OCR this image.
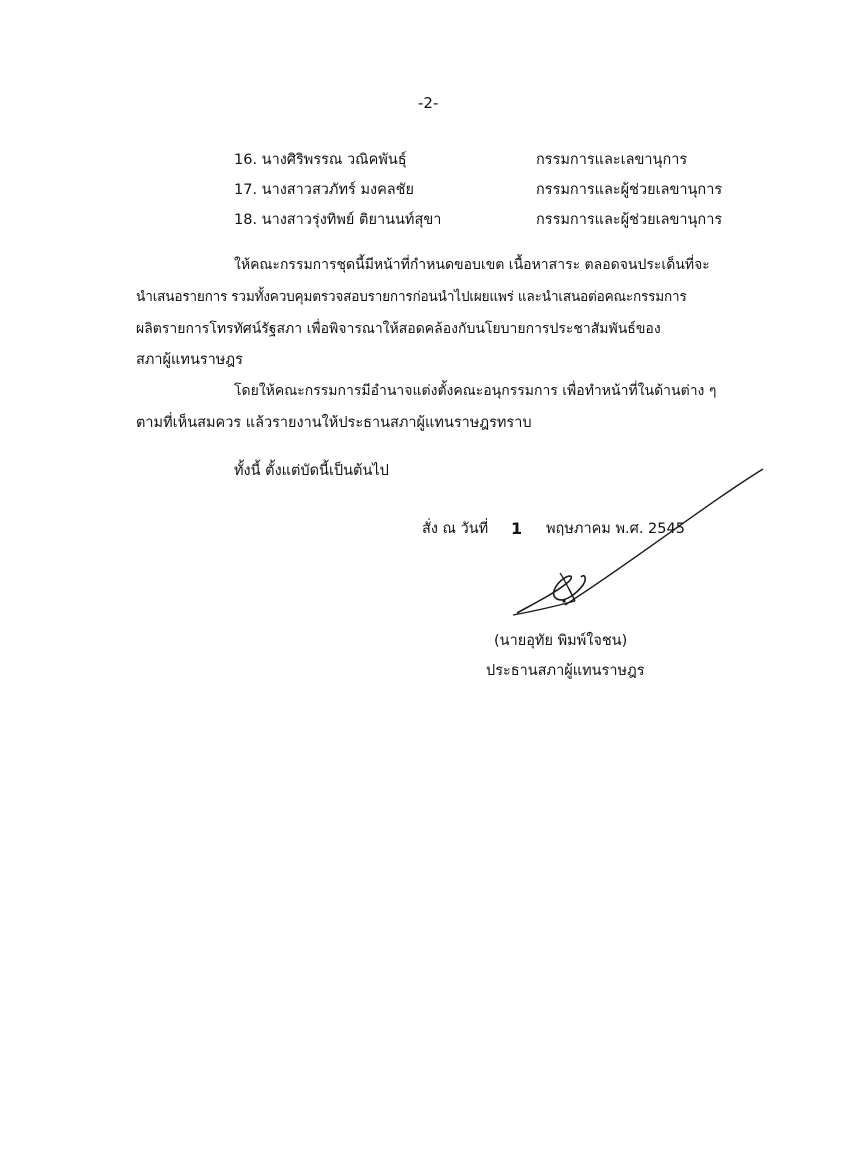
-2-
16. นางศิริพรรณ วณิคพันธุ์	กรรมการและเลขานุการ
17. นางสาวสวภัทร์ มงคลชัย	กรรมการและผู้ช่วยเลขานุการ
18. นางสาวรุ่งทิพย์ ติยานนท์สุขา	กรรมการและผู้ช่วยเลขานุการ
ให้คณะกรรมการชุดนี้มีหน้าที่กำหนดขอบเขต เนื้อหาสาระ ตลอดจนประเด็นที่จะ
นำเสนอรายการ รวมทั้งควบคุมตรวจสอบรายการก่อนนำไปเผยแพร่ และนำเสนอต่อคณะกรรมการ
ผลิตรายการโทรทัศน์รัฐสภา เพื่อพิจารณาให้สอดคล้องกับนโยบายการประชาสัมพันธ์ของ
สภาผู้แทนราษฎร
โดยให้คณะกรรมการมีอำนาจแต่งตั้งคณะอนุกรรมการ เพื่อทำหน้าที่ในด้านต่าง ๆ
ตามที่เห็นสมควร แล้วรายงานให้ประธานสภาผู้แทนราษฎรทราบ
ทั้งนี้ ตั้งแต่บัดนี้เป็นต้นไป
สั่ง ณ วันที่ 1 พฤษภาคม พ.ศ. 2545
(นายอุทัย พิมพ์ใจชน)
ประธานสภาผู้แทนราษฎร
